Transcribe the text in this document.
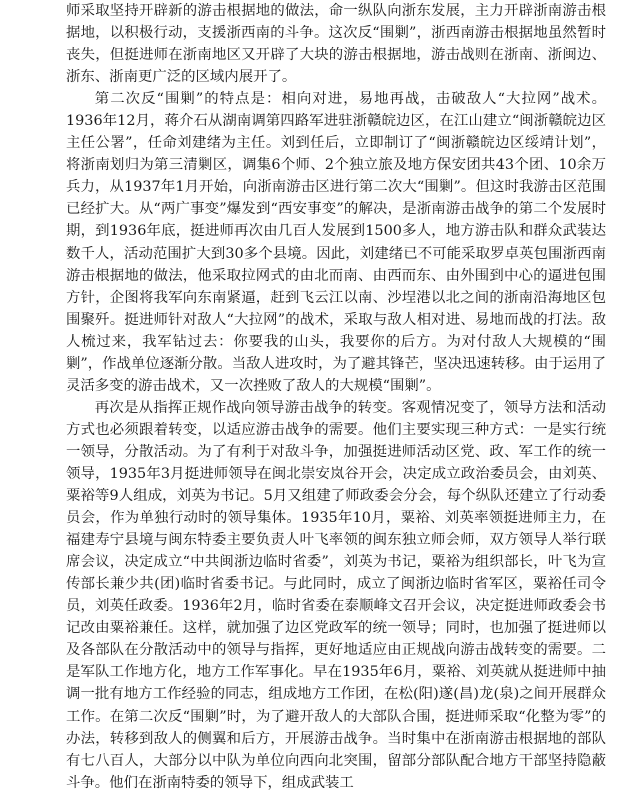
师采取坚持开辟新的游击根据地的做法，命一纵队向浙东发展，主力开辟浙南游击根据地，以积极行动，支援浙西南的斗争。这次反“围剿”，浙西南游击根据地虽然暂时丧失，但挺进师在浙南地区又开辟了大块的游击根据地，游击战则在浙南、浙闽边、浙东、浙南更广泛的区域内展开了。

第二次反“围剿”的特点是：相向对进，易地再战，击破敌人“大拉网”战术。1936年12月，蒋介石从湖南调第四路军进驻浙赣皖边区，在江山建立“闽浙赣皖边区主任公署”，任命刘建绪为主任。刘到任后，立即制订了“闽浙赣皖边区绥靖计划”，将浙南划归为第三清剿区，调集6个师、2个独立旅及地方保安团共43个团、10余万兵力，从1937年1月开始，向浙南游击区进行第二次大“围剿”。但这时我游击区范围已经扩大。从“两广事变”爆发到“西安事变”的解决，是浙南游击战争的第二个发展时期，到1936年底，挺进师再次由几百人发展到1500多人，地方游击队和群众武装达数千人，活动范围扩大到30多个县境。因此，刘建绪已不可能采取罗卓英包围浙西南游击根据地的做法，他采取拉网式的由北而南、由西而东、由外围到中心的逼进包围方针，企图将我军向东南紧逼，赶到飞云江以南、沙埕港以北之间的浙南沿海地区包围聚歼。挺进师针对敌人“大拉网”的战术，采取与敌人相对进、易地而战的打法。敌人梳过来，我军钻过去：你要我的山头，我要你的后方。为对付敌人大规模的“围剿”，作战单位逐渐分散。当敌人进攻时，为了避其锋芒，坚决迅速转移。由于运用了灵活多变的游击战术，又一次挫败了敌人的大规模“围剿”。

再次是从指挥正规作战向领导游击战争的转变。客观情况变了，领导方法和活动方式也必须跟着转变，以适应游击战争的需要。他们主要实现三种方式：一是实行统一领导，分散活动。为了有利于对敌斗争，加强挺进师活动区党、政、军工作的统一领导，1935年3月挺进师领导在闽北崇安岚谷开会，决定成立政治委员会，由刘英、粟裕等9人组成，刘英为书记。5月又组建了师政委会分会，每个纵队还建立了行动委员会，作为单独行动时的领导集体。1935年10月，粟裕、刘英率领挺进师主力，在福建寿宁县境与闽东特委主要负责人叶飞率领的闽东独立师会师，双方领导人举行联席会议，决定成立“中共闽浙边临时省委”，刘英为书记，粟裕为组织部长，叶飞为宣传部长兼少共(团)临时省委书记。与此同时，成立了闽浙边临时省军区，粟裕任司令员，刘英任政委。1936年2月，临时省委在泰顺峰文召开会议，决定挺进师政委会书记改由粟裕兼任。这样，就加强了边区党政军的统一领导；同时，也加强了挺进师以及各部队在分散活动中的领导与指挥，更好地适应由正规战向游击战转变的需要。二是军队工作地方化，地方工作军事化。早在1935年6月，粟裕、刘英就从挺进师中抽调一批有地方工作经验的同志，组成地方工作团，在松(阳)遂(昌)龙(泉)之间开展群众工作。在第二次反“围剿”时，为了避开敌人的大部队合围，挺进师采取“化整为零”的办法，转移到敌人的侧翼和后方，开展游击战争。当时集中在浙南游击根据地的部队有七八百人，大部分以中队为单位向西向北突围，留部分部队配合地方干部坚持隐蔽斗争。他们在浙南特委的领导下，组成武装工
